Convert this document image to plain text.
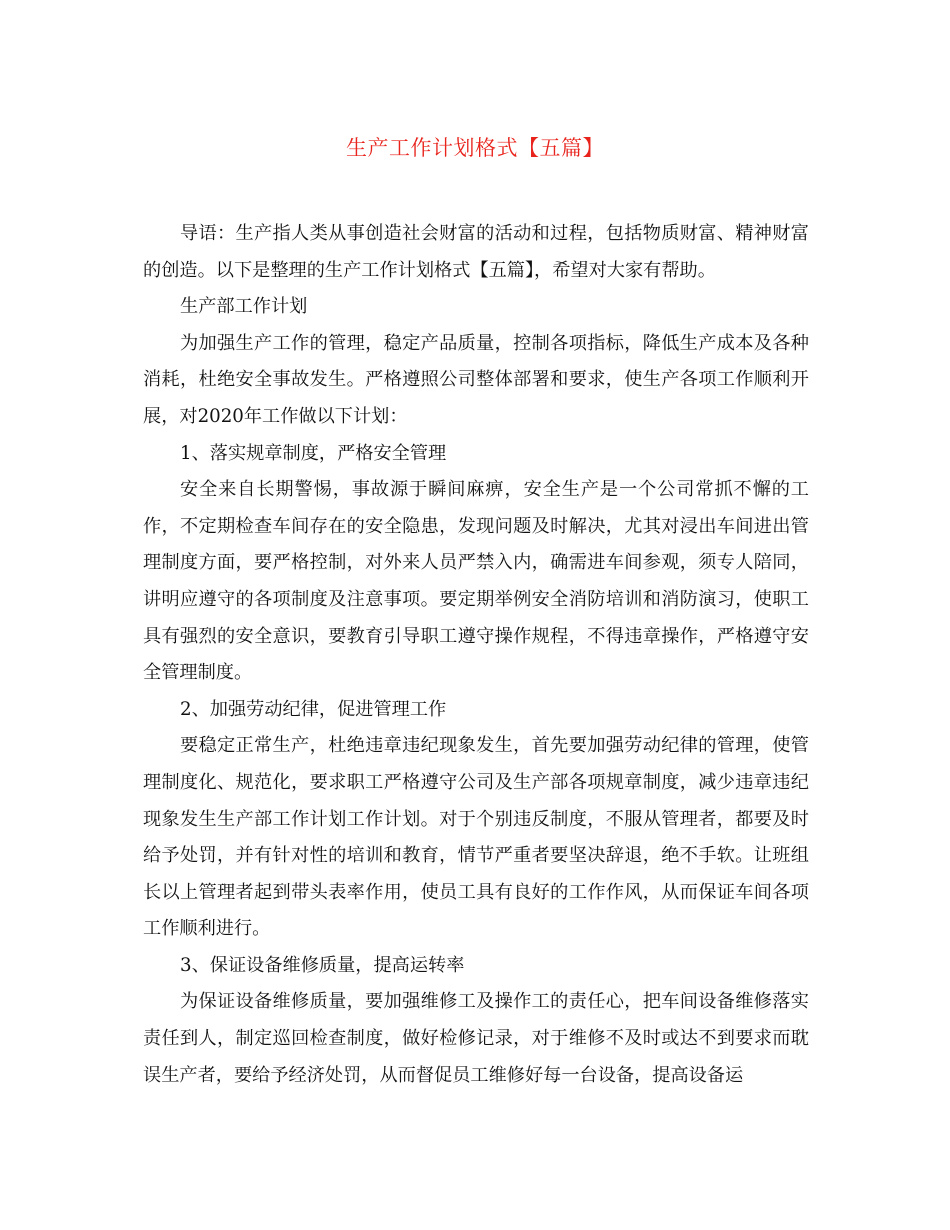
生产工作计划格式【五篇】

导语：生产指人类从事创造社会财富的活动和过程，包括物质财富、精神财富的创造。以下是整理的生产工作计划格式【五篇】，希望对大家有帮助。

生产部工作计划

为加强生产工作的管理，稳定产品质量，控制各项指标，降低生产成本及各种消耗，杜绝安全事故发生。严格遵照公司整体部署和要求，使生产各项工作顺利开展，对2020年工作做以下计划：

1、落实规章制度，严格安全管理

安全来自长期警惕，事故源于瞬间麻痹，安全生产是一个公司常抓不懈的工作，不定期检查车间存在的安全隐患，发现问题及时解决，尤其对浸出车间进出管理制度方面，要严格控制，对外来人员严禁入内，确需进车间参观，须专人陪同，讲明应遵守的各项制度及注意事项。要定期举例安全消防培训和消防演习，使职工具有强烈的安全意识，要教育引导职工遵守操作规程，不得违章操作，严格遵守安全管理制度。

2、加强劳动纪律，促进管理工作

要稳定正常生产，杜绝违章违纪现象发生，首先要加强劳动纪律的管理，使管理制度化、规范化，要求职工严格遵守公司及生产部各项规章制度，减少违章违纪现象发生生产部工作计划工作计划。对于个别违反制度，不服从管理者，都要及时给予处罚，并有针对性的培训和教育，情节严重者要坚决辞退，绝不手软。让班组长以上管理者起到带头表率作用，使员工具有良好的工作作风，从而保证车间各项工作顺利进行。

3、保证设备维修质量，提高运转率

为保证设备维修质量，要加强维修工及操作工的责任心，把车间设备维修落实责任到人，制定巡回检查制度，做好检修记录，对于维修不及时或达不到要求而耽误生产者，要给予经济处罚，从而督促员工维修好每一台设备，提高设备运
